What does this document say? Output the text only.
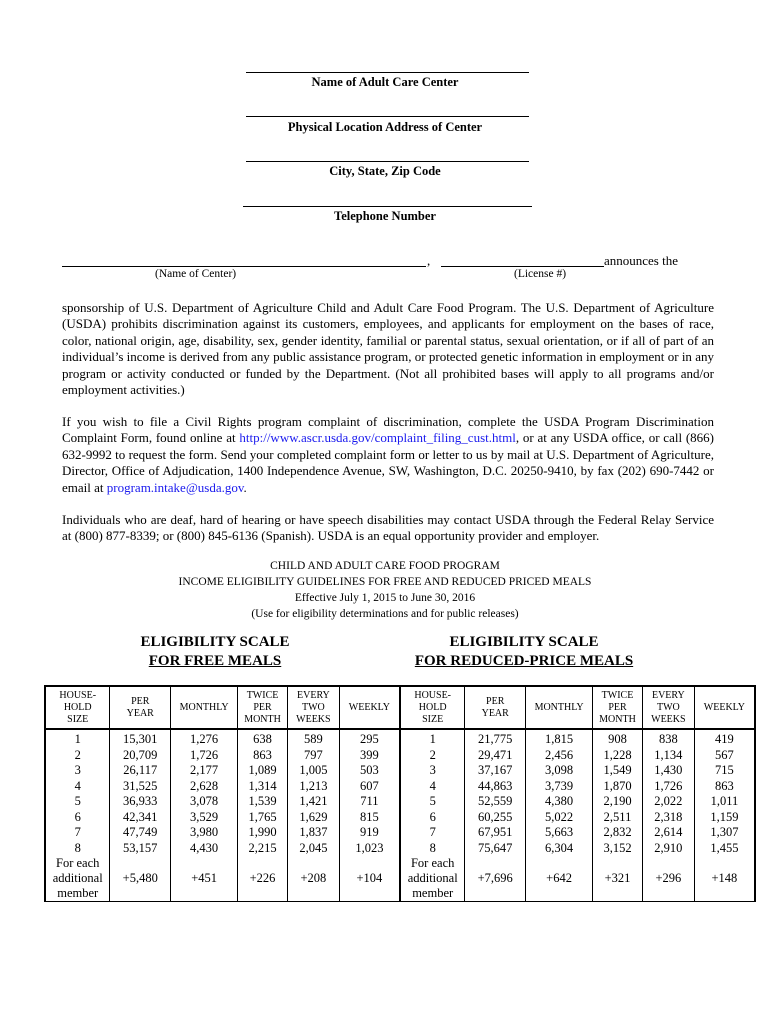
Name of Adult Care Center
Physical Location Address of Center
City, State, Zip Code
Telephone Number
,	announces the
(Name of Center)	(License #)

sponsorship of U.S. Department of Agriculture Child and Adult Care Food Program. The U.S. Department of Agriculture (USDA) prohibits discrimination against its customers, employees, and applicants for employment on the bases of race, color, national origin, age, disability, sex, gender identity, familial or parental status, sexual orientation, or if all of part of an individual’s income is derived from any public assistance program, or protected genetic information in employment or in any program or activity conducted or funded by the Department. (Not all prohibited bases will apply to all programs and/or employment activities.)

If you wish to file a Civil Rights program complaint of discrimination, complete the USDA Program Discrimination Complaint Form, found online at http://www.ascr.usda.gov/complaint_filing_cust.html, or at any USDA office, or call (866) 632-9992 to request the form. Send your completed complaint form or letter to us by mail at U.S. Department of Agriculture, Director, Office of Adjudication, 1400 Independence Avenue, SW, Washington, D.C. 20250-9410, by fax (202) 690-7442 or email at program.intake@usda.gov.

Individuals who are deaf, hard of hearing or have speech disabilities may contact USDA through the Federal Relay Service at (800) 877-8339; or (800) 845-6136 (Spanish). USDA is an equal opportunity provider and employer.

CHILD AND ADULT CARE FOOD PROGRAM
INCOME ELIGIBILITY GUIDELINES FOR FREE AND REDUCED PRICED MEALS
Effective July 1, 2015 to June 30, 2016
(Use for eligibility determinations and for public releases)
ELIGIBILITY SCALE
FOR FREE MEALS
ELIGIBILITY SCALE
FOR REDUCED-PRICE MEALS
HOUSE-
HOLD
SIZE	PER
YEAR	MONTHLY	TWICE
PER
MONTH	EVERY
TWO
WEEKS	WEEKLY	HOUSE-
HOLD
SIZE	PER
YEAR	MONTHLY	TWICE
PER
MONTH	EVERY
TWO
WEEKS	WEEKLY
1	15,301	1,276	638	589	295	1	21,775	1,815	908	838	419
2	20,709	1,726	863	797	399	2	29,471	2,456	1,228	1,134	567
3	26,117	2,177	1,089	1,005	503	3	37,167	3,098	1,549	1,430	715
4	31,525	2,628	1,314	1,213	607	4	44,863	3,739	1,870	1,726	863
5	36,933	3,078	1,539	1,421	711	5	52,559	4,380	2,190	2,022	1,011
6	42,341	3,529	1,765	1,629	815	6	60,255	5,022	2,511	2,318	1,159
7	47,749	3,980	1,990	1,837	919	7	67,951	5,663	2,832	2,614	1,307
8	53,157	4,430	2,215	2,045	1,023	8	75,647	6,304	3,152	2,910	1,455
For each
additional
member	+5,480	+451	+226	+208	+104	For each
additional
member	+7,696	+642	+321	+296	+148
